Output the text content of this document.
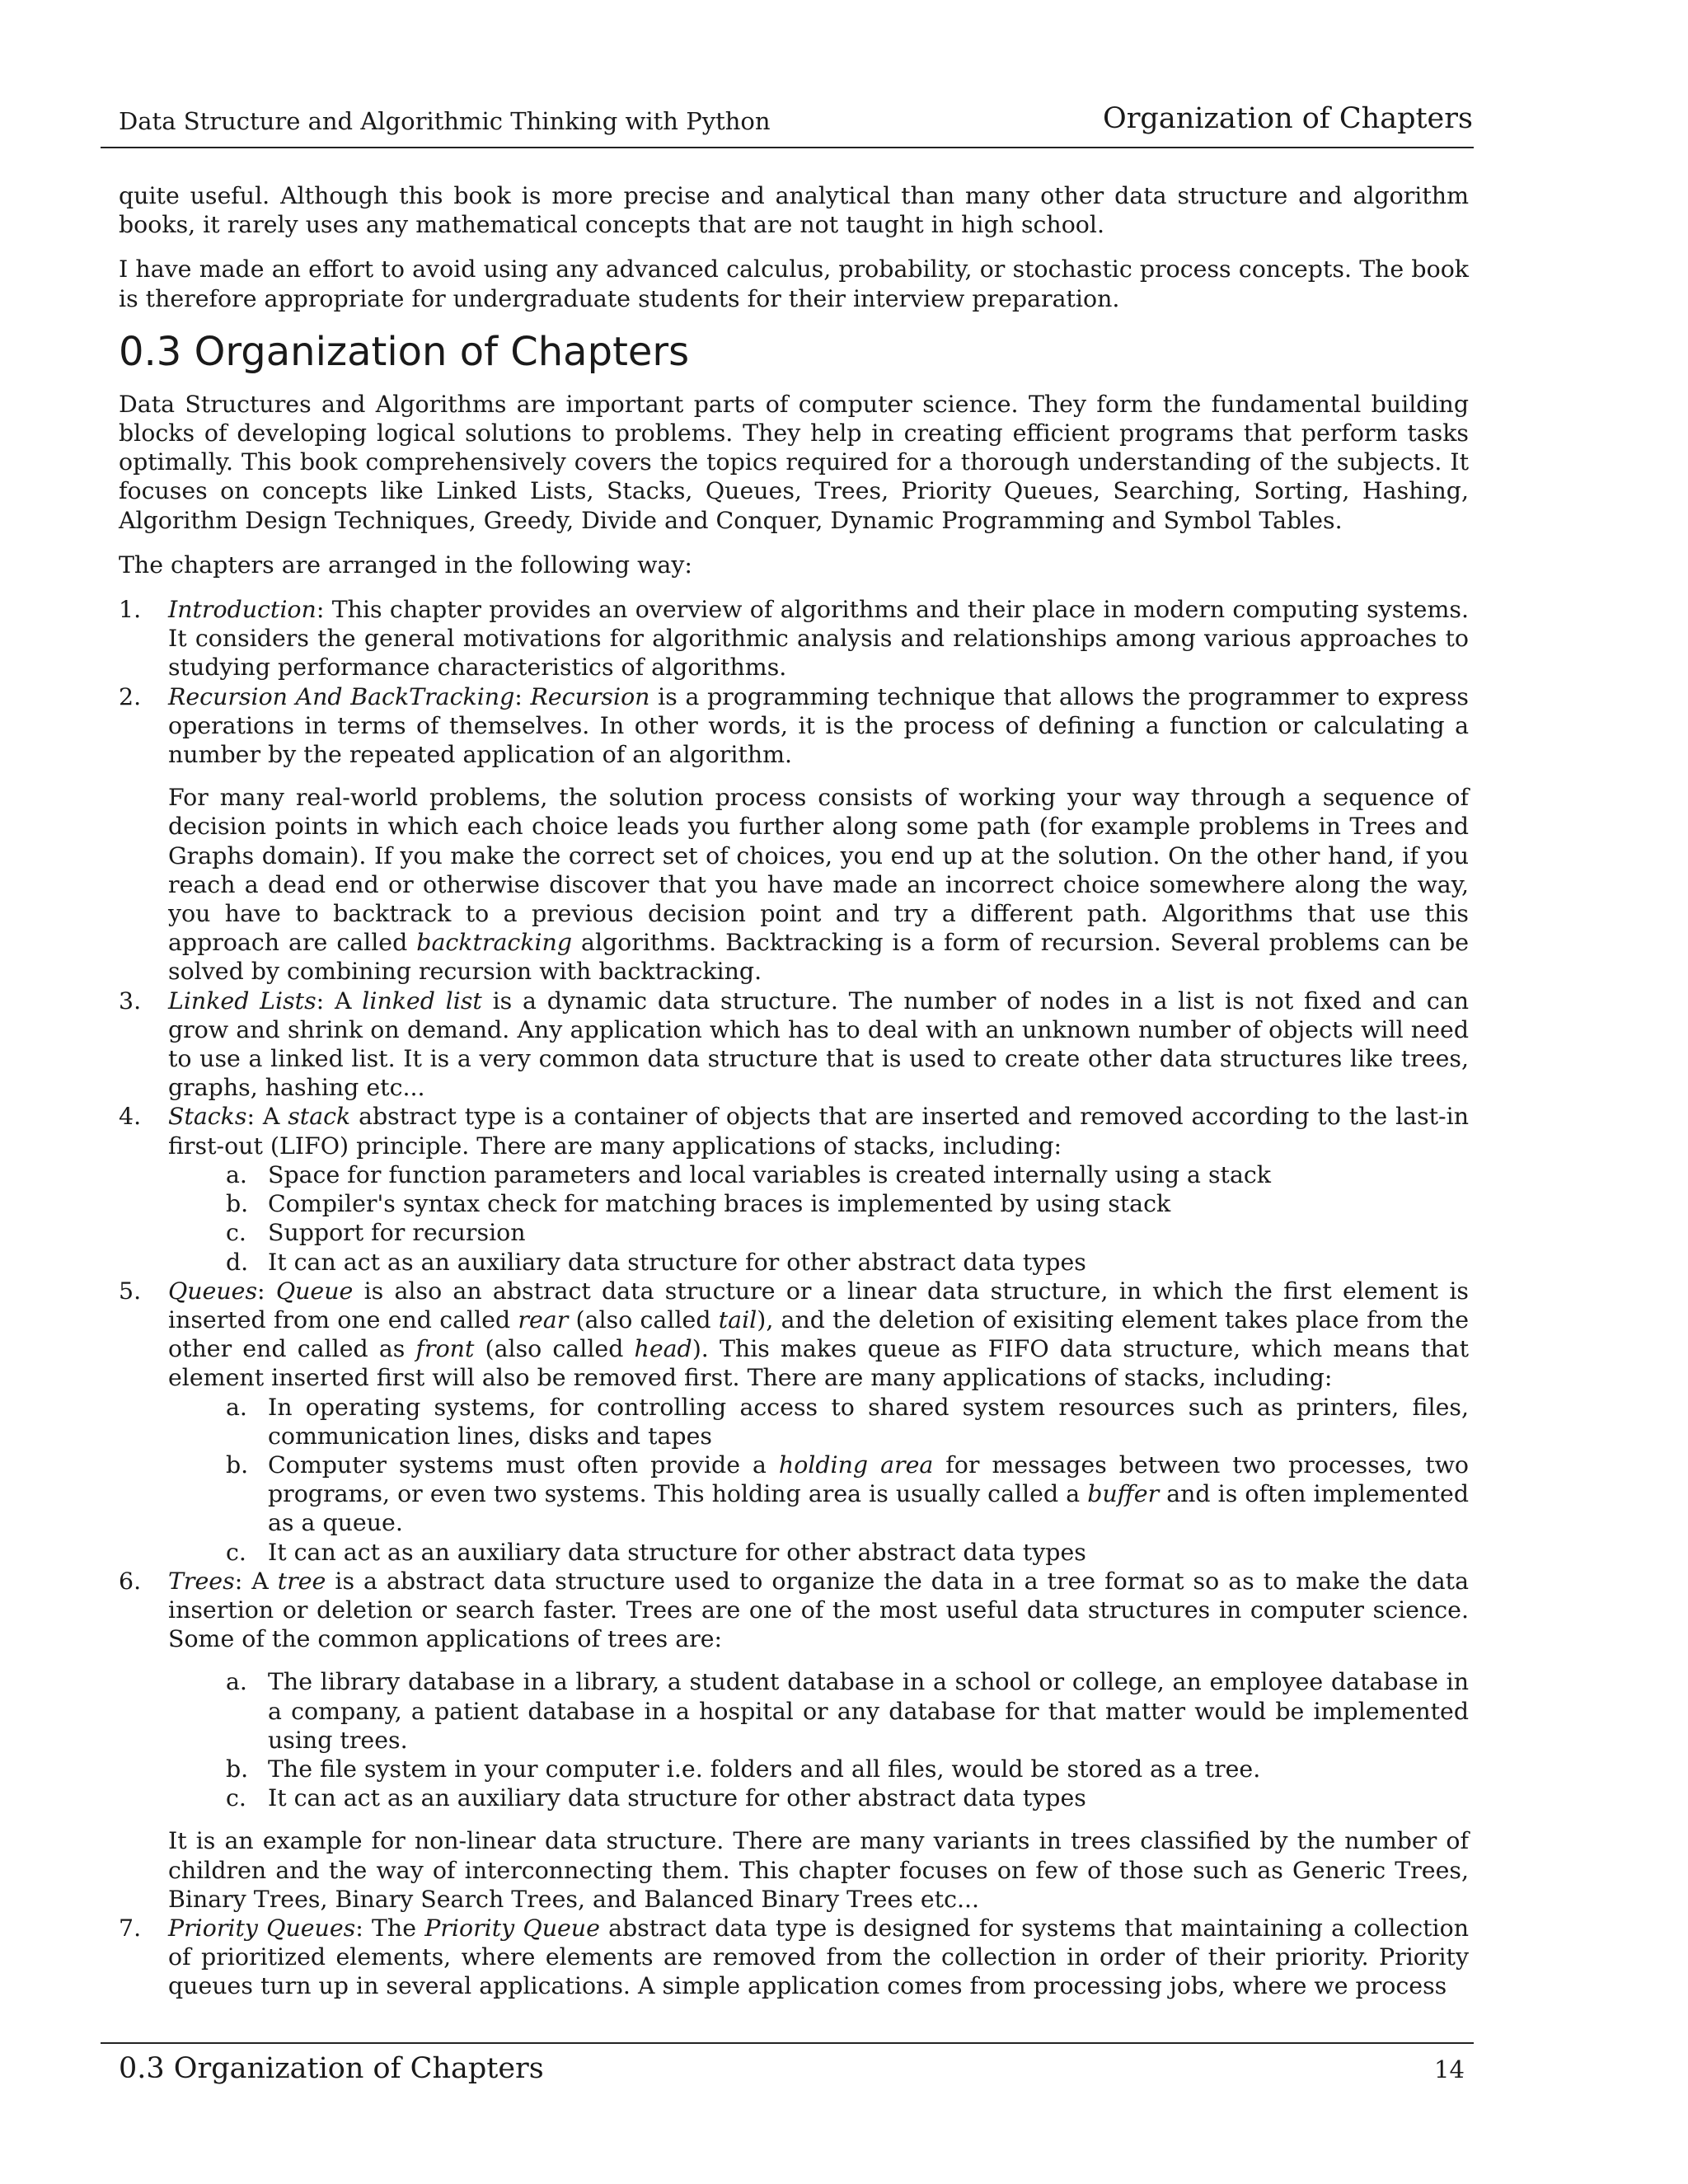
Data Structure and Algorithmic Thinking with Python	Organization of Chapters

quite useful. Although this book is more precise and analytical than many other data structure and algorithm books, it rarely uses any mathematical concepts that are not taught in high school.

I have made an effort to avoid using any advanced calculus, probability, or stochastic process concepts. The book is therefore appropriate for undergraduate students for their interview preparation.

0.3 Organization of Chapters

Data Structures and Algorithms are important parts of computer science. They form the fundamental building blocks of developing logical solutions to problems. They help in creating efficient programs that perform tasks optimally. This book comprehensively covers the topics required for a thorough understanding of the subjects. It focuses on concepts like Linked Lists, Stacks, Queues, Trees, Priority Queues, Searching, Sorting, Hashing, Algorithm Design Techniques, Greedy, Divide and Conquer, Dynamic Programming and Symbol Tables.

The chapters are arranged in the following way:

1. Introduction: This chapter provides an overview of algorithms and their place in modern computing systems. It considers the general motivations for algorithmic analysis and relationships among various approaches to studying performance characteristics of algorithms.
2. Recursion And BackTracking: Recursion is a programming technique that allows the programmer to express operations in terms of themselves. In other words, it is the process of defining a function or calculating a number by the repeated application of an algorithm.

For many real-world problems, the solution process consists of working your way through a sequence of decision points in which each choice leads you further along some path (for example problems in Trees and Graphs domain). If you make the correct set of choices, you end up at the solution. On the other hand, if you reach a dead end or otherwise discover that you have made an incorrect choice somewhere along the way, you have to backtrack to a previous decision point and try a different path. Algorithms that use this approach are called backtracking algorithms. Backtracking is a form of recursion. Several problems can be solved by combining recursion with backtracking.

3. Linked Lists: A linked list is a dynamic data structure. The number of nodes in a list is not fixed and can grow and shrink on demand. Any application which has to deal with an unknown number of objects will need to use a linked list. It is a very common data structure that is used to create other data structures like trees, graphs, hashing etc...
4. Stacks: A stack abstract type is a container of objects that are inserted and removed according to the last-in first-out (LIFO) principle. There are many applications of stacks, including:
a. Space for function parameters and local variables is created internally using a stack
b. Compiler's syntax check for matching braces is implemented by using stack
c. Support for recursion
d. It can act as an auxiliary data structure for other abstract data types
5. Queues: Queue is also an abstract data structure or a linear data structure, in which the first element is inserted from one end called rear (also called tail), and the deletion of exisiting element takes place from the other end called as front (also called head). This makes queue as FIFO data structure, which means that element inserted first will also be removed first. There are many applications of stacks, including:
a. In operating systems, for controlling access to shared system resources such as printers, files, communication lines, disks and tapes
b. Computer systems must often provide a holding area for messages between two processes, two programs, or even two systems. This holding area is usually called a buffer and is often implemented as a queue.
c. It can act as an auxiliary data structure for other abstract data types
6. Trees: A tree is a abstract data structure used to organize the data in a tree format so as to make the data insertion or deletion or search faster. Trees are one of the most useful data structures in computer science. Some of the common applications of trees are:
a. The library database in a library, a student database in a school or college, an employee database in a company, a patient database in a hospital or any database for that matter would be implemented using trees.
b. The file system in your computer i.e. folders and all files, would be stored as a tree.
c. It can act as an auxiliary data structure for other abstract data types

It is an example for non-linear data structure. There are many variants in trees classified by the number of children and the way of interconnecting them. This chapter focuses on few of those such as Generic Trees, Binary Trees, Binary Search Trees, and Balanced Binary Trees etc...

7. Priority Queues: The Priority Queue abstract data type is designed for systems that maintaining a collection of prioritized elements, where elements are removed from the collection in order of their priority. Priority queues turn up in several applications. A simple application comes from processing jobs, where we process
0.3 Organization of Chapters	14
